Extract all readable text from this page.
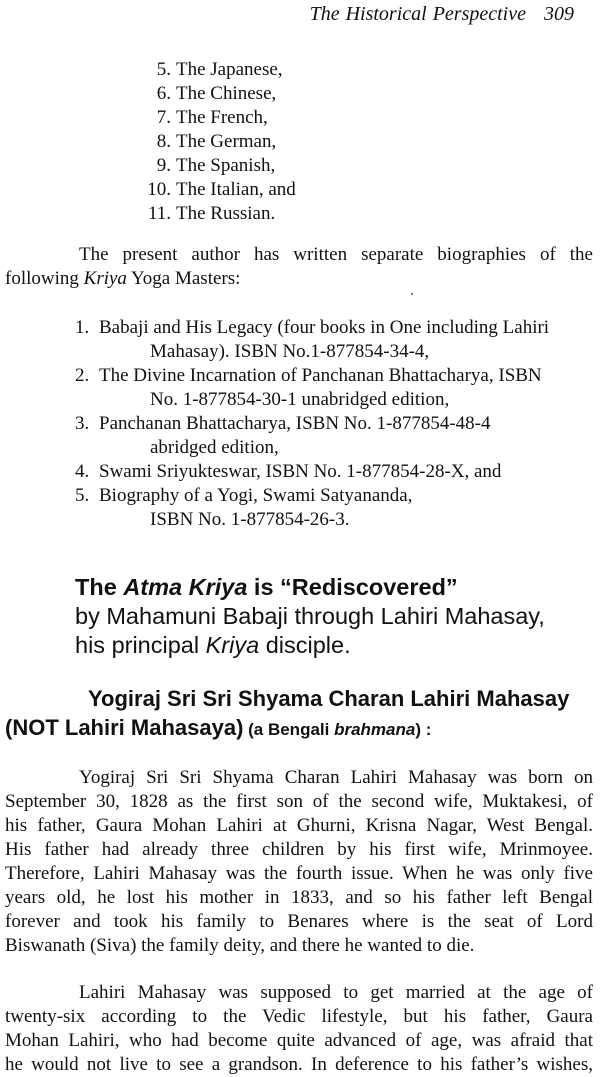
The Historical Perspective 309
5. The Japanese,
6. The Chinese,
7. The French,
8. The German,
9. The Spanish,
10. The Italian, and
11. The Russian.
The present author has written separate biographies of the
following Kriya Yoga Masters:
1. Babaji and His Legacy (four books in One including Lahiri
Mahasay). ISBN No.1-877854-34-4,
2. The Divine Incarnation of Panchanan Bhattacharya, ISBN
No. 1-877854-30-1 unabridged edition,
3. Panchanan Bhattacharya, ISBN No. 1-877854-48-4
abridged edition,
4. Swami Sriyukteswar, ISBN No. 1-877854-28-X, and
5. Biography of a Yogi, Swami Satyananda,
ISBN No. 1-877854-26-3.
The Atma Kriya is “Rediscovered”
by Mahamuni Babaji through Lahiri Mahasay,
his principal Kriya disciple.
Yogiraj Sri Sri Shyama Charan Lahiri Mahasay
(NOT Lahiri Mahasaya) (a Bengali brahmana) :
Yogiraj Sri Sri Shyama Charan Lahiri Mahasay was born on
September 30, 1828 as the first son of the second wife, Muktakesi, of
his father, Gaura Mohan Lahiri at Ghurni, Krisna Nagar, West Bengal.
His father had already three children by his first wife, Mrinmoyee.
Therefore, Lahiri Mahasay was the fourth issue. When he was only five
years old, he lost his mother in 1833, and so his father left Bengal
forever and took his family to Benares where is the seat of Lord
Biswanath (Siva) the family deity, and there he wanted to die.
Lahiri Mahasay was supposed to get married at the age of
twenty-six according to the Vedic lifestyle, but his father, Gaura
Mohan Lahiri, who had become quite advanced of age, was afraid that
he would not live to see a grandson. In deference to his father’s wishes,
